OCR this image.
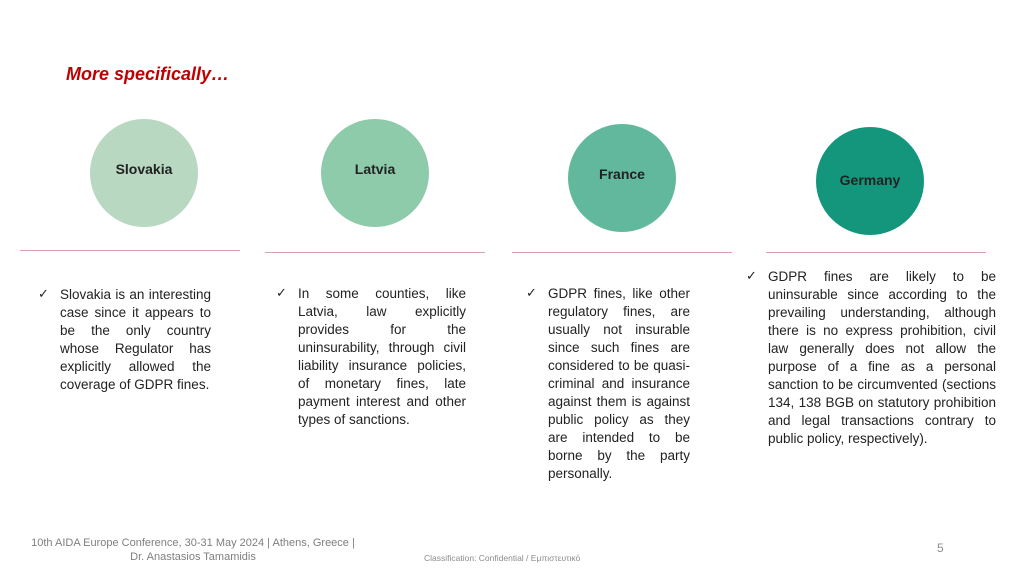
More specifically…
Slovakia	Latvia	France	Germany
✓ Slovakia is an interesting case since it appears to be the only country whose Regulator has explicitly allowed the coverage of GDPR fines.
✓ In some counties, like Latvia, law explicitly provides for the uninsurability, through civil liability insurance policies, of monetary fines, late payment interest and other types of sanctions.
✓ GDPR fines, like other regulatory fines, are usually not insurable since such fines are considered to be quasi-criminal and insurance against them is against public policy as they are intended to be borne by the party personally.
✓ GDPR fines are likely to be uninsurable since according to the prevailing understanding, although there is no express prohibition, civil law generally does not allow the purpose of a fine as a personal sanction to be circumvented (sections 134, 138 BGB on statutory prohibition and legal transactions contrary to public policy, respectively).
10th AIDA Europe Conference, 30-31 May 2024 | Athens, Greece | Dr. Anastasios Tamamidis	Classification: Confidential / Εμπιστευτικό
5
